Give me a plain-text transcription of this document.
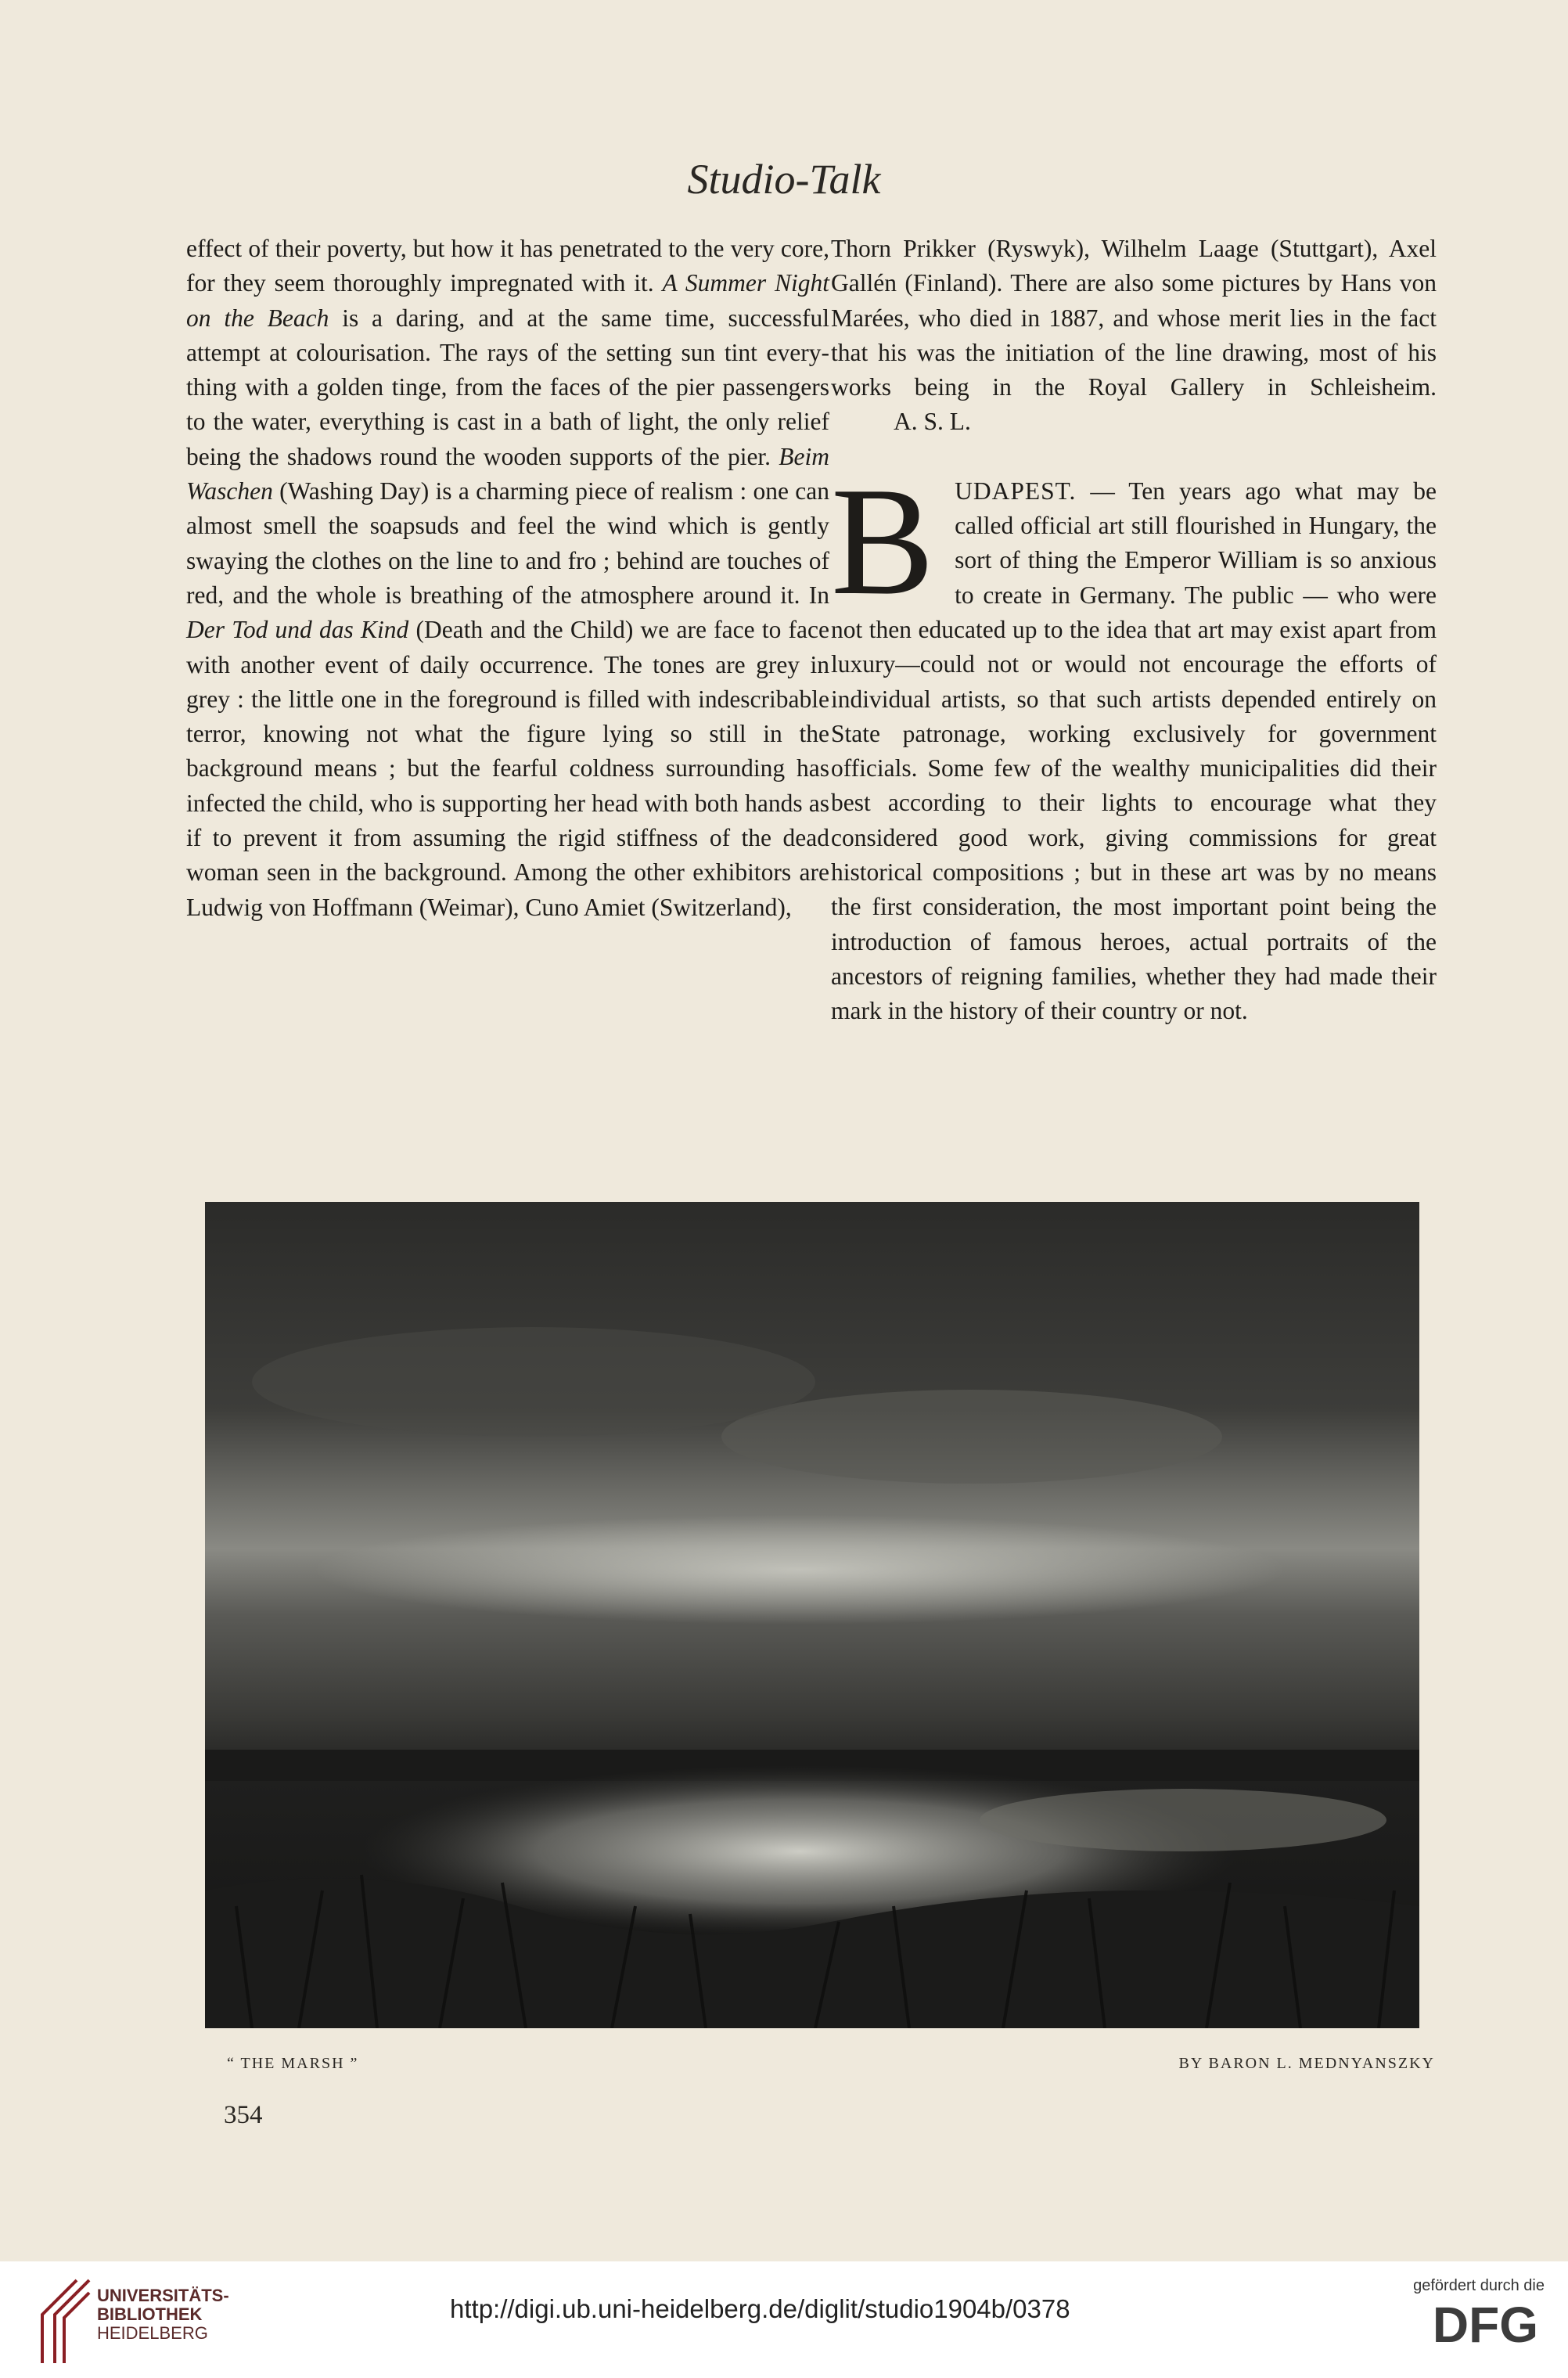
Studio-Talk

effect of their poverty, but how it has penetrated to the very core, for they seem thoroughly impregnated with it. A Summer Night on the Beach is a daring, and at the same time, successful attempt at colourisation. The rays of the setting sun tint everything with a golden tinge, from the faces of the pier passengers to the water, everything is cast in a bath of light, the only relief being the shadows round the wooden supports of the pier. Beim Waschen (Washing Day) is a charming piece of realism : one can almost smell the soapsuds and feel the wind which is gently swaying the clothes on the line to and fro ; behind are touches of red, and the whole is breathing of the atmosphere around it. In Der Tod und das Kind (Death and the Child) we are face to face with another event of daily occurrence. The tones are grey in grey : the little one in the foreground is filled with indescribable terror, knowing not what the figure lying so still in the background means ; but the fearful coldness surrounding has infected the child, who is supporting her head with both hands as if to prevent it from assuming the rigid stiffness of the dead woman seen in the background. Among the other exhibitors are Ludwig von Hoffmann (Weimar), Cuno Amiet (Switzerland),

Thorn Prikker (Ryswyk), Wilhelm Laage (Stuttgart), Axel Gallén (Finland). There are also some pictures by Hans von Marées, who died in 1887, and whose merit lies in the fact that his was the initiation of the line drawing, most of his works being in the Royal Gallery in Schleisheim.A. S. L.

BUDAPEST. — Ten years ago what may be called official art still flourished in Hungary, the sort of thing the Emperor William is so anxious to create in Germany. The public — who were not then educated up to the idea that art may exist apart from luxury—could not or would not encourage the efforts of individual artists, so that such artists depended entirely on State patronage, working exclusively for government officials. Some few of the wealthy municipalities did their best according to their lights to encourage what they considered good work, giving commissions for great historical compositions ; but in these art was by no means the first consideration, the most important point being the introduction of famous heroes, actual portraits of the ancestors of reigning families, whether they had made their mark in the history of their country or not.

“ THE MARSH ”	BY BARON L. MEDNYANSZKY
354
UNIVERSITÄTS-
BIBLIOTHEK
HEIDELBERG
http://digi.ub.uni-heidelberg.de/diglit/studio1904b/0378
gefördert durch die
DFG
